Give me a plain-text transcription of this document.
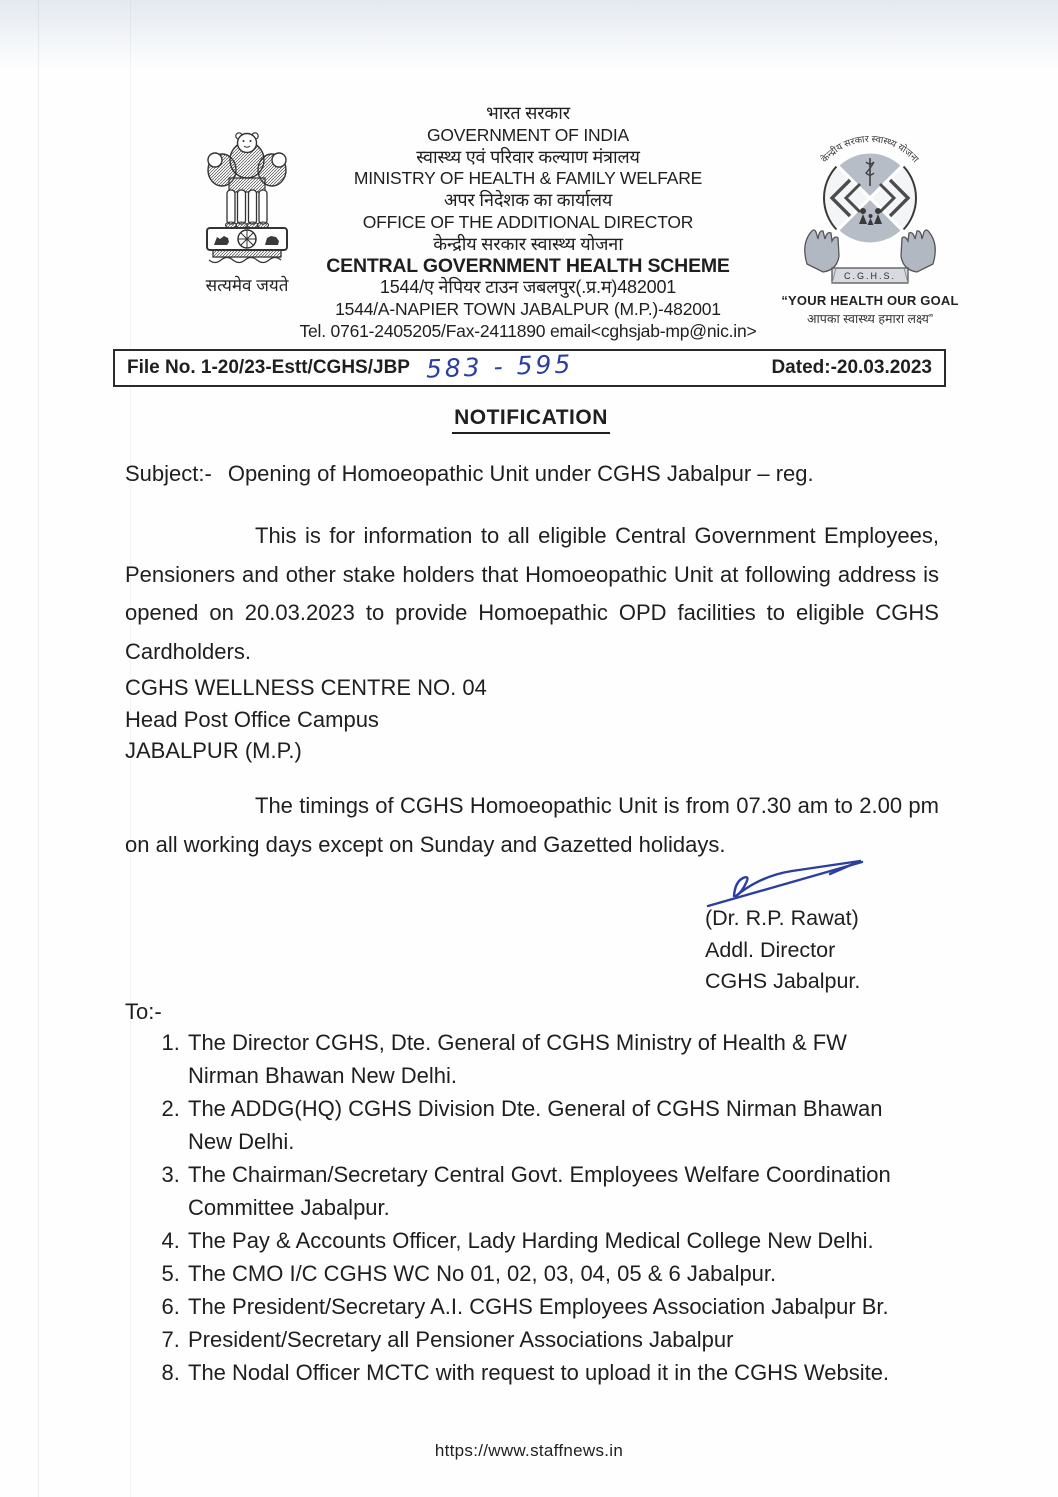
सत्यमेव जयते
भारत सरकार
GOVERNMENT OF INDIA
स्वास्थ्य एवं परिवार कल्याण मंत्रालय
MINISTRY OF HEALTH & FAMILY WELFARE
अपर निदेशक का कार्यालय
OFFICE OF THE ADDITIONAL DIRECTOR
केन्द्रीय सरकार स्वास्थ्य योजना
CENTRAL GOVERNMENT HEALTH SCHEME
1544/ए नेपियर टाउन जबलपुर(.प्र.म)482001
1544/A-NAPIER TOWN JABALPUR (M.P.)-482001
Tel. 0761-2405205/Fax-2411890 email<cghsjab-mp@nic.in>
केन्द्रीय सरकार स्वास्थ्य योजना
C.G.H.S.
“YOUR HEALTH OUR GOAL
आपका स्वास्थ्य हमारा लक्ष्य”
File No. 1-20/23-Estt/CGHS/JBP 583 - 595	Dated:-20.03.2023
NOTIFICATION
Subject:- Opening of Homoeopathic Unit under CGHS Jabalpur – reg.
This is for information to all eligible Central Government Employees, Pensioners and other stake holders that Homoeopathic Unit at following address is opened on 20.03.2023 to provide Homoepathic OPD facilities to eligible CGHS Cardholders.
CGHS WELLNESS CENTRE NO. 04
Head Post Office Campus
JABALPUR (M.P.)
The timings of CGHS Homoeopathic Unit is from 07.30 am to 2.00 pm on all working days except on Sunday and Gazetted holidays.
(Dr. R.P. Rawat)
Addl. Director
CGHS Jabalpur.
To:-
1. The Director CGHS, Dte. General of CGHS Ministry of Health & FW Nirman Bhawan New Delhi.
2. The ADDG(HQ) CGHS Division Dte. General of CGHS Nirman Bhawan New Delhi.
3. The Chairman/Secretary Central Govt. Employees Welfare Coordination Committee Jabalpur.
4. The Pay & Accounts Officer, Lady Harding Medical College New Delhi.
5. The CMO I/C CGHS WC No 01, 02, 03, 04, 05 & 6 Jabalpur.
6. The President/Secretary A.I. CGHS Employees Association Jabalpur Br.
7. President/Secretary all Pensioner Associations Jabalpur
8. The Nodal Officer MCTC with request to upload it in the CGHS Website.
https://www.staffnews.in
